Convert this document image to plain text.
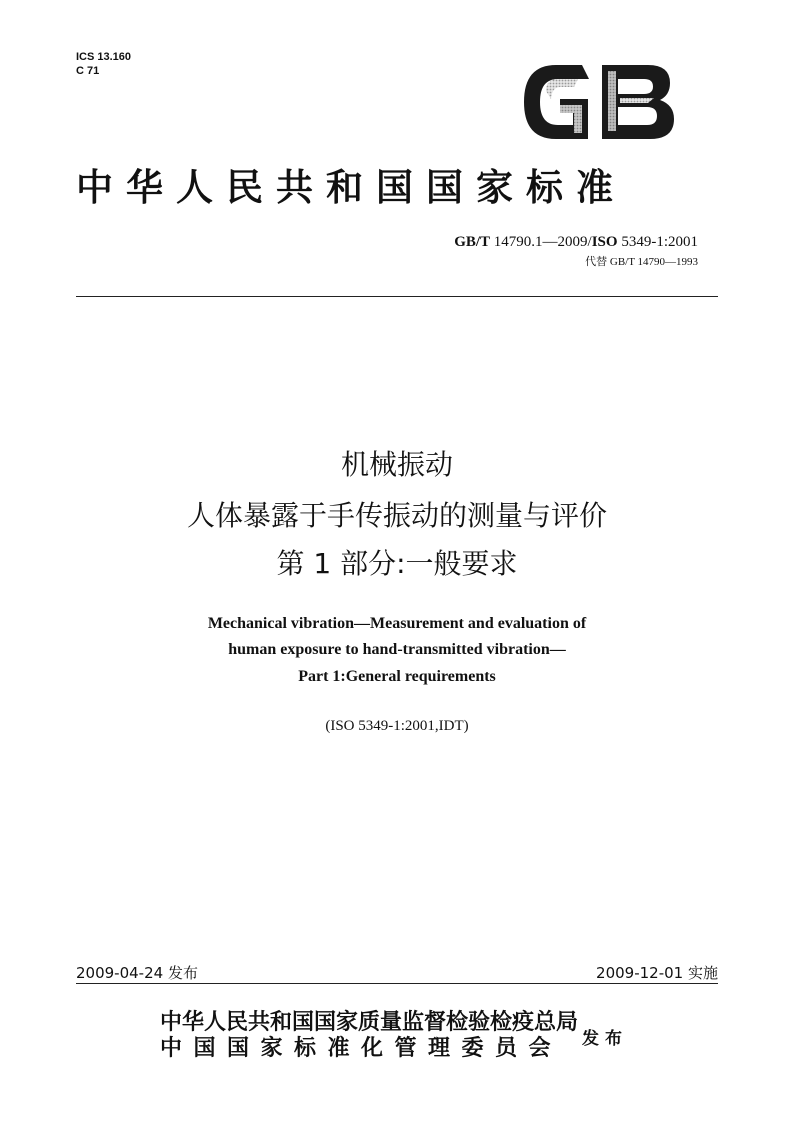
ICS 13.160
C 71
中华人民共和国国家标准
GB/T 14790.1—2009/ISO 5349-1:2001
代替 GB/T 14790—1993
机械振动
人体暴露于手传振动的测量与评价
第 1 部分:一般要求
Mechanical vibration—Measurement and evaluation of
human exposure to hand-transmitted vibration—
Part 1:General requirements
(ISO 5349-1:2001,IDT)
2009-04-24 发布	2009-12-01 实施
中华人民共和国国家质量监督检验检疫总局
中国国家标准化管理委员会 发布
